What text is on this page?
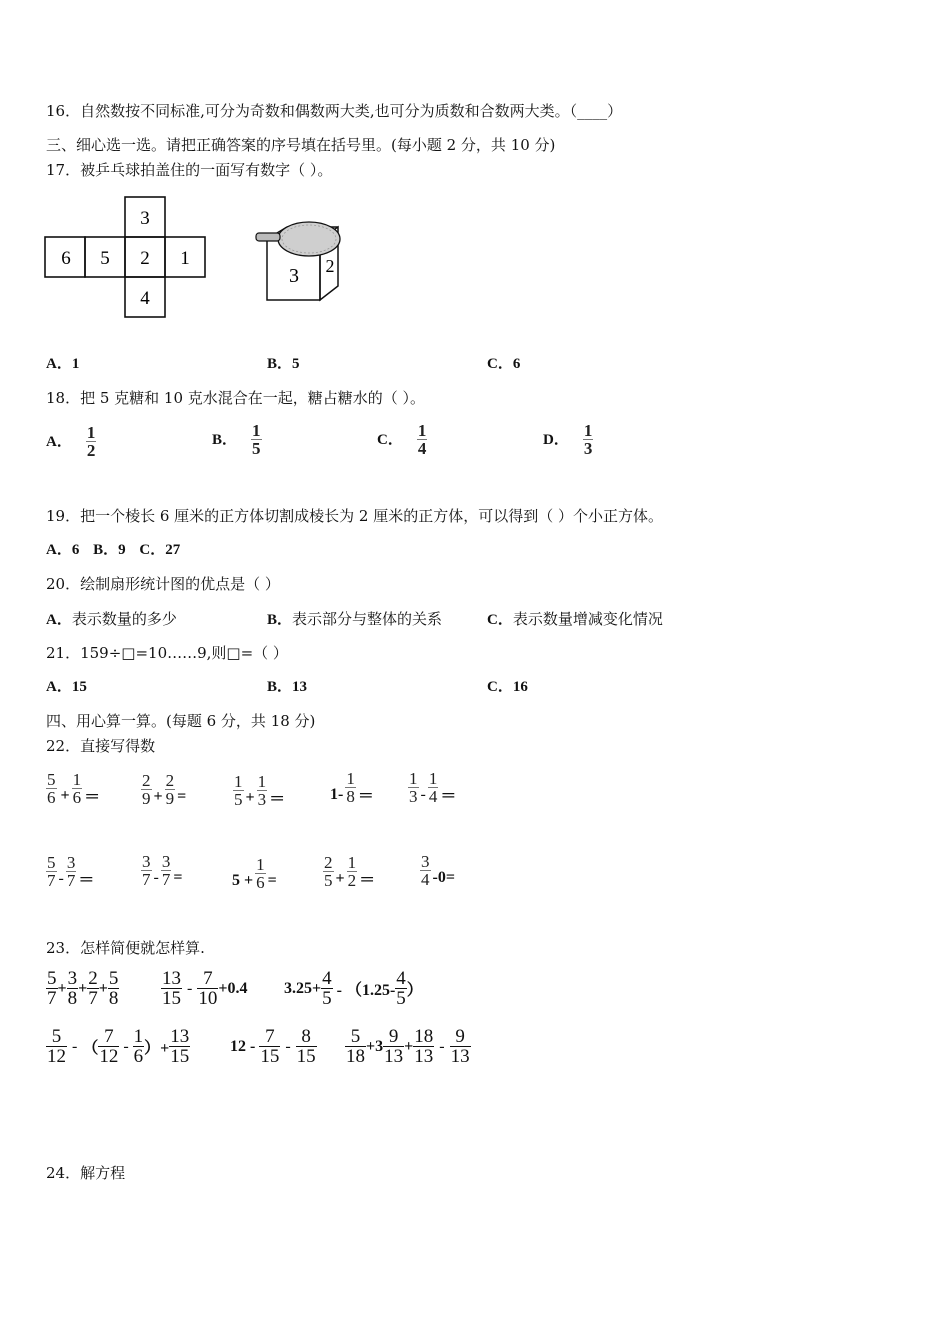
16．自然数按不同标准,可分为奇数和偶数两大类,也可分为质数和合数两大类。（____）
三、细心选一选。请把正确答案的序号填在括号里。(每小题 2 分，共 10 分)
17．被乒乓球拍盖住的一面写有数字（ ）。
3
6 5 2 1
4
3 2
A．1	B．5	C．6
18．把 5 克糖和 10 克水混合在一起，糖占糖水的（ ）。
A． 1
2
B． 1
5	C． 1
4	D． 1
3
19．把一个棱长 6 厘米的正方体切割成棱长为 2 厘米的正方体，可以得到（ ）个小正方体。
A．6 B．9 C．27
20．绘制扇形统计图的优点是（ ）
A．表示数量的多少	B．表示部分与整体的关系	C．表示数量增减变化情况
21．159÷□=10……9,则□=（ ）
A．15	B．13	C．16
四、用心算一算。(每题 6 分，共 18 分)
22．直接写得数
5
$6 + \frac{1}{6}$ ＝
2
$9 + \frac{2}{9}$ =
1
$5 + \frac{1}{3}$ ＝	1-
1
8 ＝
1
3 -
1
4 ＝
5
7 -
3
7 ＝
3
$7 - \frac{3}{7}$ =	$5 + \frac{1}{6}$ =
2
$5 + \frac{1}{2}$ ＝
3
4 -0=
23．怎样简便就怎样算.
5
$7 + \frac{3}{8} + \frac{2}{7} + \frac{5}{8} 13$
15 - 7
10 +0.4 $3.25+ \frac{4}{5} - (1.25-$
4
5 ）
5
12 - （
7
12 - 1
6 ）+ $\frac{13}{15} 12 - 7$
15 - 8
15
5
18 +3 9
$13 + \frac{18}{13} - 9$
13
24．解方程
